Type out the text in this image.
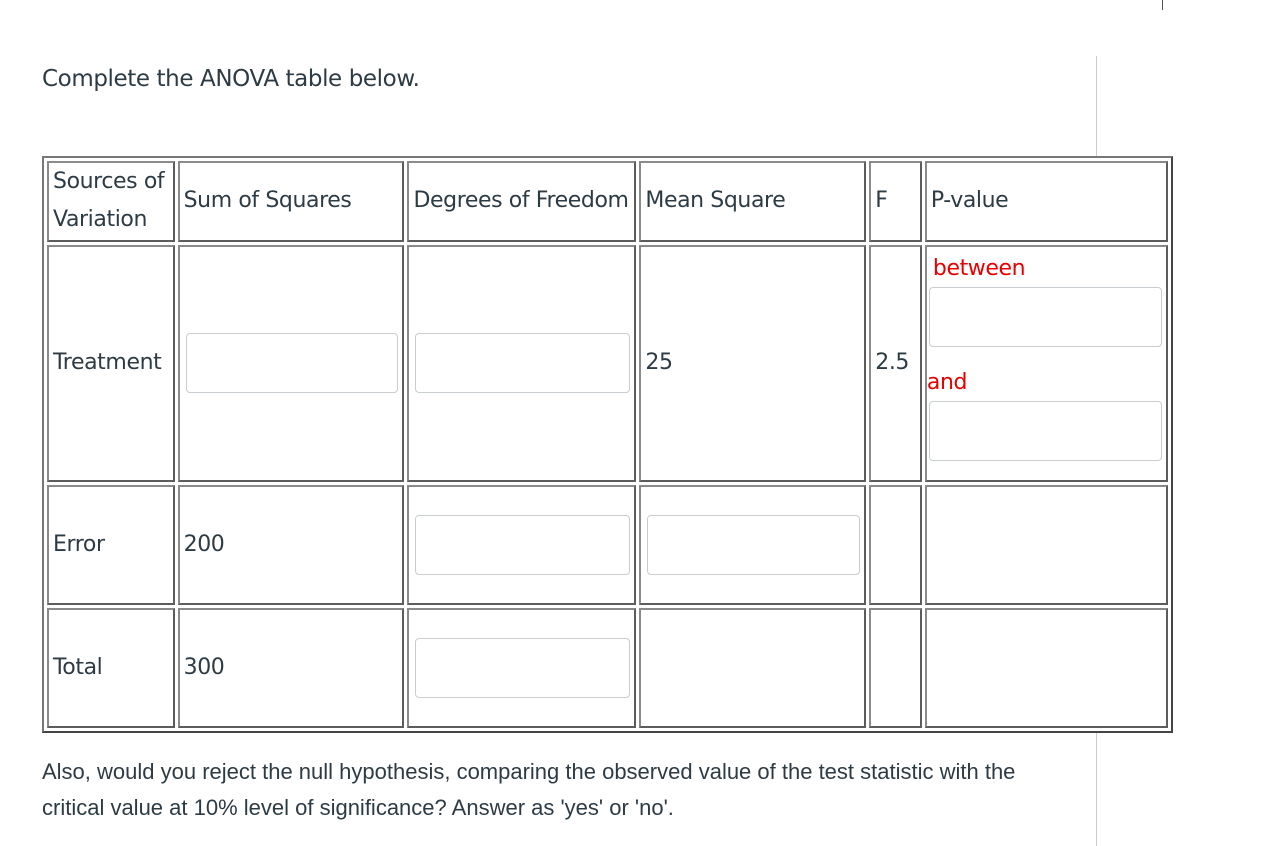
Complete the ANOVA table below.
Sources of Variation	Sum of Squares	Degrees of Freedom	Mean Square	F	P-value
Treatment			25	2.5	between
and

Error	200	

Total	300	

Also, would you reject the null hypothesis, comparing the observed value of the test statistic with the critical value at 10% level of significance? Answer as 'yes' or 'no'.
